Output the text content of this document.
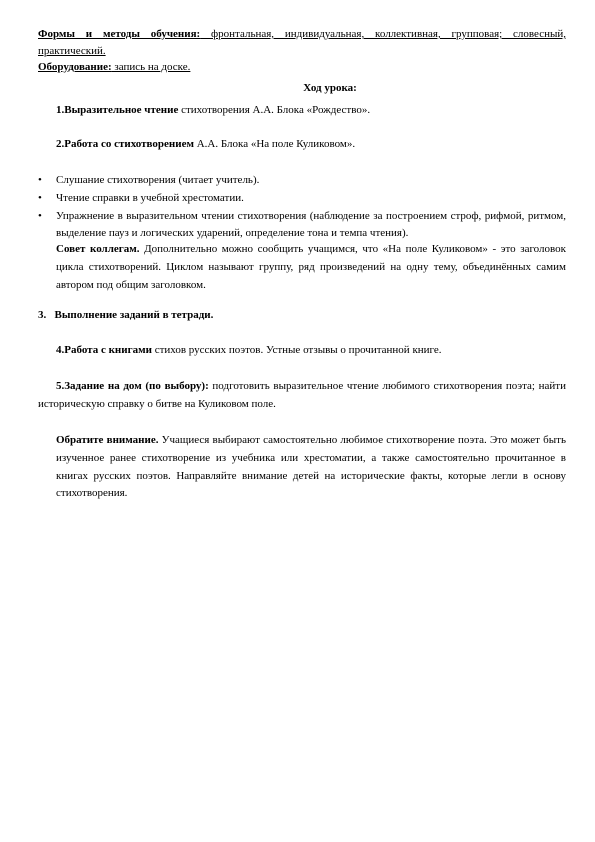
Формы и методы обучения: фронтальная, индивидуальная, коллективная, групповая; словесный, практический.

Оборудование: запись на доске.

Ход урока:

1.Выразительное чтение стихотворения А.А. Блока «Рождество».

2.Работа со стихотворением А.А. Блока «На поле Куликовом».

• Слушание стихотворения (читает учитель).
• Чтение справки в учебной хрестоматии.
• Упражнение в выразительном чтении стихотворения (наблюдение за построением строф, рифмой, ритмом, выделение пауз и логических ударений, определение тона и темпа чтения).

Совет коллегам. Дополнительно можно сообщить учащимся, что «На поле Куликовом» - это заголовок цикла стихотворений. Циклом называют группу, ряд произведений на одну тему, объединённых самим автором под общим заголовком.

3. Выполнение заданий в тетради.

4.Работа с книгами стихов русских поэтов. Устные отзывы о прочитанной книге.

5.Задание на дом (по выбору): подготовить выразительное чтение любимого стихотворения поэта; найти историческую справку о битве на Куликовом поле.

Обратите внимание. Учащиеся выбирают самостоятельно любимое стихотворение поэта. Это может быть изученное ранее стихотворение из учебника или хрестоматии, а также самостоятельно прочитанное в книгах русских поэтов. Направляйте внимание детей на исторические факты, которые легли в основу стихотворения.
